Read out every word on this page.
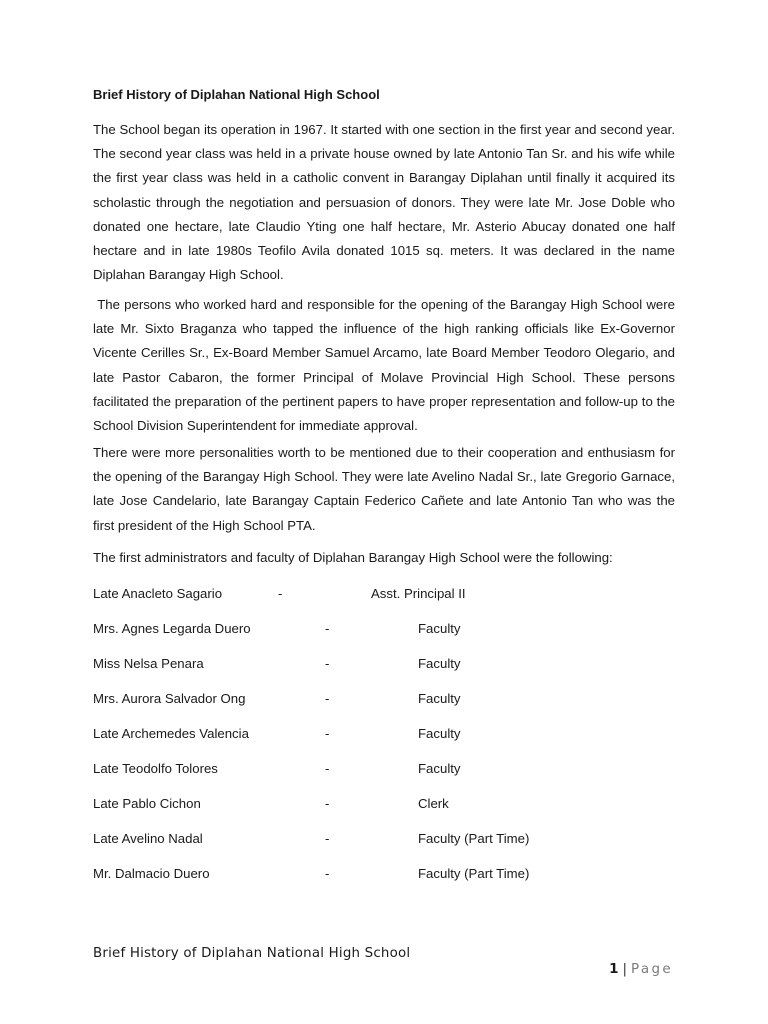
Brief History of Diplahan National High School

The School began its operation in 1967. It started with one section in the first year and second year. The second year class was held in a private house owned by late Antonio Tan Sr. and his wife while the first year class was held in a catholic convent in Barangay Diplahan until finally it acquired its scholastic through the negotiation and persuasion of donors. They were late Mr. Jose Doble who donated one hectare, late Claudio Yting one half hectare, Mr. Asterio Abucay donated one half hectare and in late 1980s Teofilo Avila donated 1015 sq. meters. It was declared in the name Diplahan Barangay High School.

The persons who worked hard and responsible for the opening of the Barangay High School were late Mr. Sixto Braganza who tapped the influence of the high ranking officials like Ex-Governor Vicente Cerilles Sr., Ex-Board Member Samuel Arcamo, late Board Member Teodoro Olegario, and late Pastor Cabaron, the former Principal of Molave Provincial High School. These persons facilitated the preparation of the pertinent papers to have proper representation and follow-up to the School Division Superintendent for immediate approval.

There were more personalities worth to be mentioned due to their cooperation and enthusiasm for the opening of the Barangay High School. They were late Avelino Nadal Sr., late Gregorio Garnace, late Jose Candelario, late Barangay Captain Federico Cañete and late Antonio Tan who was the first president of the High School PTA.

The first administrators and faculty of Diplahan Barangay High School were the following:

Late Anacleto Sagario	-	Asst. Principal II
Mrs. Agnes Legarda Duero	-	Faculty
Miss Nelsa Penara	-	Faculty
Mrs. Aurora Salvador Ong	-	Faculty
Late Archemedes Valencia	-	Faculty
Late Teodolfo Tolores	-	Faculty
Late Pablo Cichon	-	Clerk
Late Avelino Nadal	-	Faculty (Part Time)
Mr. Dalmacio Duero	-	Faculty (Part Time)
Brief History of Diplahan National High School
1 | Page
